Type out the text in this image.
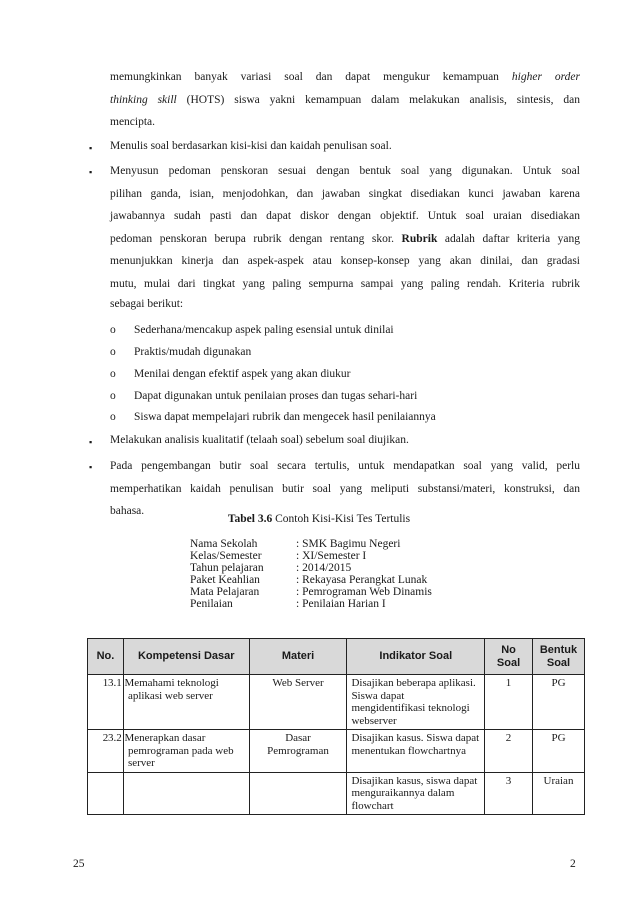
memungkinkan banyak variasi soal dan dapat mengukur kemampuan higher order
thinking skill (HOTS) siswa yakni kemampuan dalam melakukan analisis, sintesis, dan
mencipta.
▪ Menulis soal berdasarkan kisi-kisi dan kaidah penulisan soal.
▪ Menyusun pedoman penskoran sesuai dengan bentuk soal yang digunakan. Untuk soal
pilihan ganda, isian, menjodohkan, dan jawaban singkat disediakan kunci jawaban karena
jawabannya sudah pasti dan dapat diskor dengan objektif. Untuk soal uraian disediakan
pedoman penskoran berupa rubrik dengan rentang skor. Rubrik adalah daftar kriteria yang
menunjukkan kinerja dan aspek-aspek atau konsep-konsep yang akan dinilai, dan gradasi
mutu, mulai dari tingkat yang paling sempurna sampai yang paling rendah. Kriteria rubrik
sebagai berikut:
o Sederhana/mencakup aspek paling esensial untuk dinilai
o Praktis/mudah digunakan
o Menilai dengan efektif aspek yang akan diukur
o Dapat digunakan untuk penilaian proses dan tugas sehari-hari
o Siswa dapat mempelajari rubrik dan mengecek hasil penilaiannya
▪ Melakukan analisis kualitatif (telaah soal) sebelum soal diujikan.
▪ Pada pengembangan butir soal secara tertulis, untuk mendapatkan soal yang valid, perlu
memperhatikan kaidah penulisan butir soal yang meliputi substansi/materi, konstruksi, dan
bahasa.
Tabel 3.6 Contoh Kisi-Kisi Tes Tertulis
Nama Sekolah	: SMK Bagimu Negeri
Kelas/Semester	: XI/Semester I
Tahun pelajaran	: 2014/2015
Paket Keahlian	: Rekayasa Perangkat Lunak
Mata Pelajaran	: Pemrograman Web Dinamis
Penilaian	: Penilaian Harian I
No.	Kompetensi Dasar	Materi	Indikator Soal	No Soal	Bentuk Soal
1	3.1 Memahami teknologi aplikasi web server	Web Server	Disajikan beberapa aplikasi. Siswa dapat mengidentifikasi teknologi webserver	1	PG
2	3.2 Menerapkan dasar pemrograman pada web server	Dasar Pemrograman	Disajikan kasus. Siswa dapat menentukan flowchartnya	2	PG
			Disajikan kasus, siswa dapat menguraikannya dalam flowchart	3	Uraian
25	2
